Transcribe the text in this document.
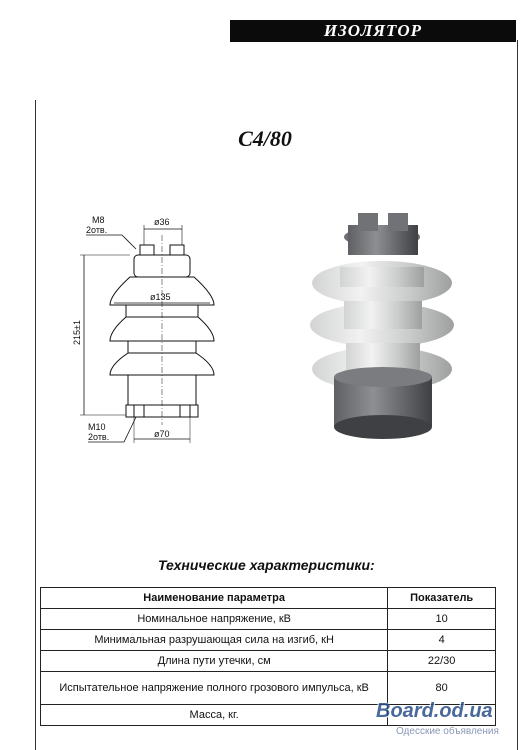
ИЗОЛЯТОР
C4/80
M8
2отв.
ø36
215±1
ø135
M10
2отв.	ø70
Технические характеристики:
Наименование параметра	Показатель
Номинальное напряжение, кВ	10
Минимальная разрушающая сила на изгиб, кН	4
Длина пути утечки, см	22/30
Испытательное напряжение полного грозового импульса, кВ	80
Масса, кг.		Board.od.ua
Одесские объявления
